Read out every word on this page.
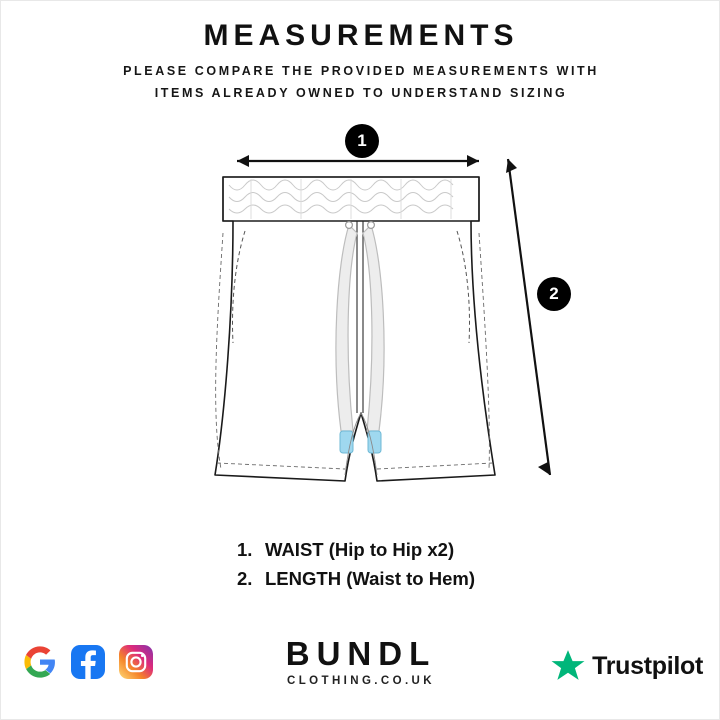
MEASUREMENTS
PLEASE COMPARE THE PROVIDED MEASUREMENTS WITH
ITEMS ALREADY OWNED TO UNDERSTAND SIZING
1
2
1. WAIST (Hip to Hip x2)
2. LENGTH (Waist to Hem)
BUNDL
CLOTHING.CO.UK
Trustpilot
